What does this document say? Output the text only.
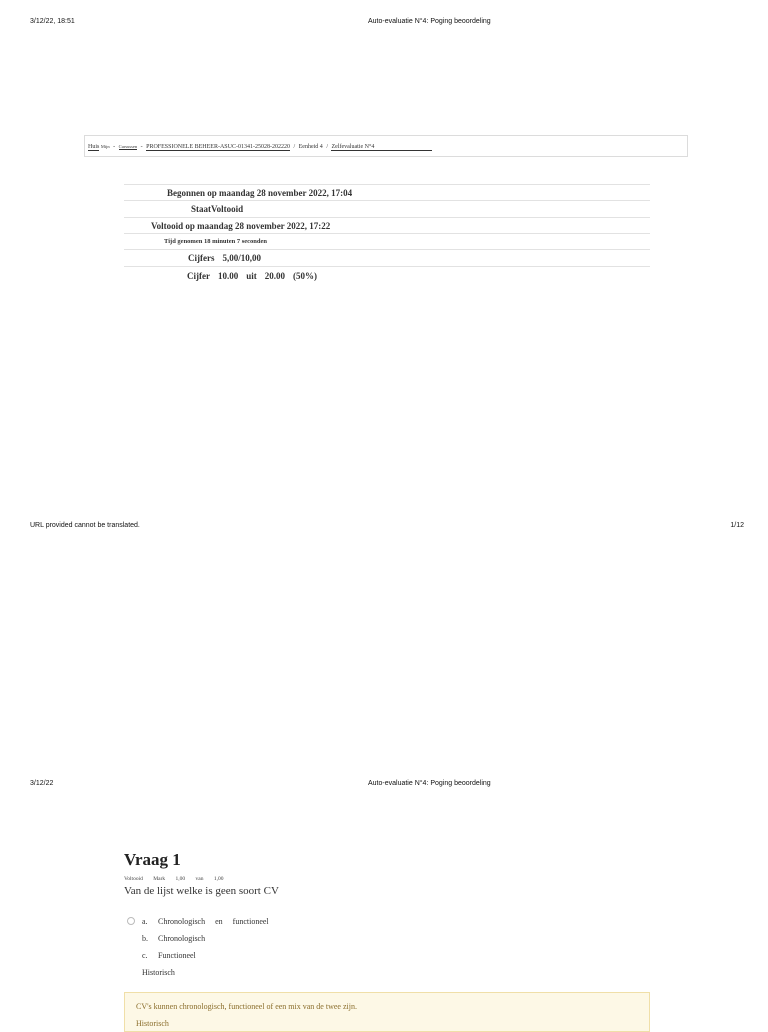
3/12/22, 18:51	Auto-evaluatie N°4: Poging beoordeling
Huis Mijn - Cursussen - PROFESSIONELE BEHEER-ASUC-01341-25028-202220 / Eenheid 4 / Zelfevaluatie N°4
Begonnen op maandag 28 november 2022, 17:04
StaatVoltooid
Voltooid op maandag 28 november 2022, 17:22
Tijd genomen 18 minuten 7 seconden
Cijfers 5,00/10,00
Cijfer 10.00 uit 20.00 (50%)
URL provided cannot be translated.	1/12
3/12/22	Auto-evaluatie N°4: Poging beoordeling
Vraag 1
Voltooid Mark 1,00 van 1,00
Van de lijst welke is geen soort CV
a. Chronologisch en functioneel
b. Chronologisch
c. Functioneel
Historisch
CV's kunnen chronologisch, functioneel of een mix van de twee zijn.
Historisch
